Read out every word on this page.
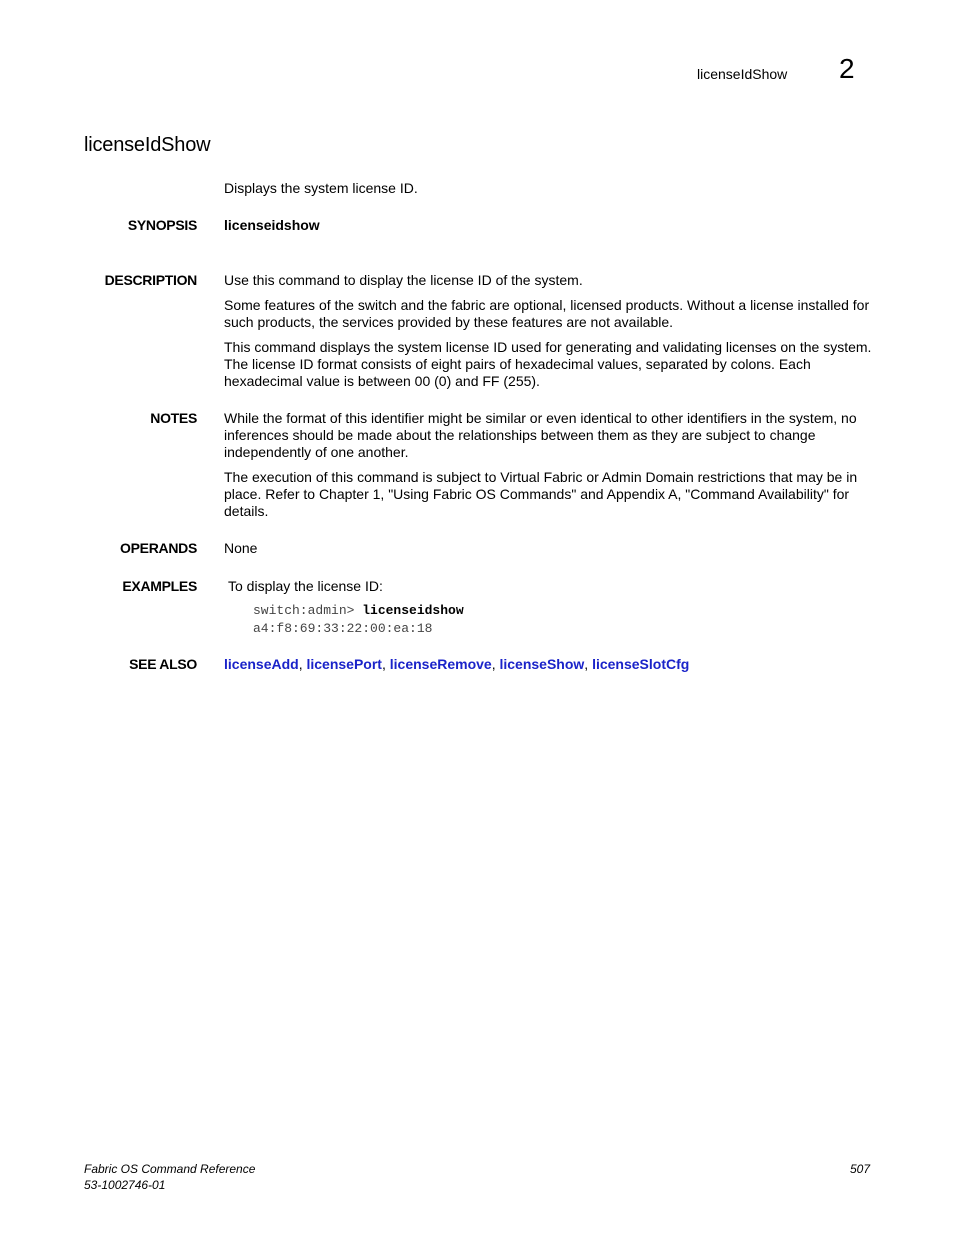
licenseIdShow 2
licenseIdShow
Displays the system license ID.
SYNOPSIS licenseidshow
DESCRIPTION Use this command to display the license ID of the system.

Some features of the switch and the fabric are optional, licensed products. Without a license installed for such products, the services provided by these features are not available.

This command displays the system license ID used for generating and validating licenses on the system. The license ID format consists of eight pairs of hexadecimal values, separated by colons. Each hexadecimal value is between 00 (0) and FF (255).

NOTES While the format of this identifier might be similar or even identical to other identifiers in the system, no inferences should be made about the relationships between them as they are subject to change independently of one another.

The execution of this command is subject to Virtual Fabric or Admin Domain restrictions that may be in place. Refer to Chapter 1, "Using Fabric OS Commands" and Appendix A, "Command Availability" for details.

OPERANDS None
EXAMPLES To display the license ID:
switch:admin> licenseidshow
a4:f8:69:33:22:00:ea:18
SEE ALSO licenseAdd, licensePort, licenseRemove, licenseShow, licenseSlotCfg
Fabric OS Command Reference
53-1002746-01
507
